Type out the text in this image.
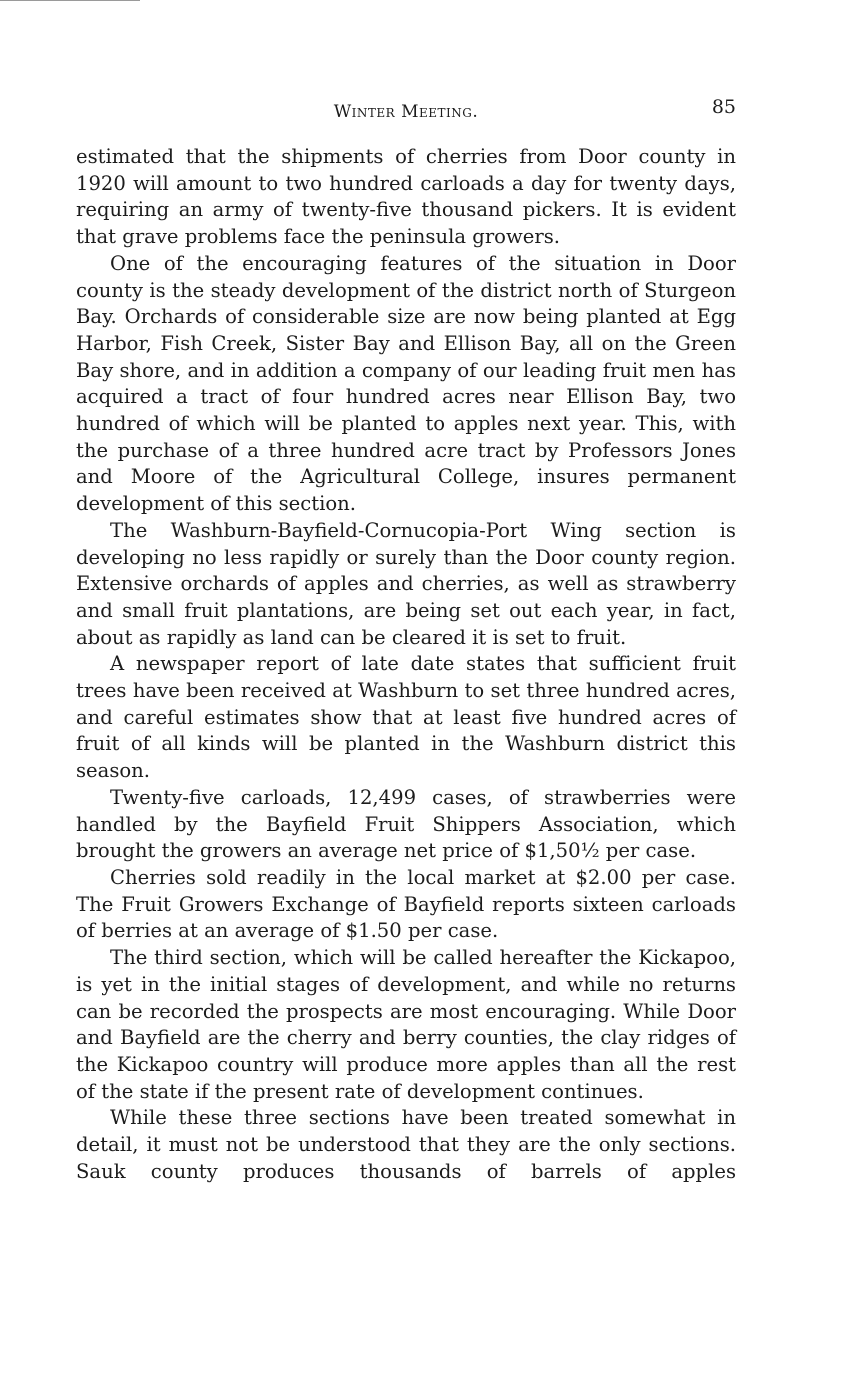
Winter Meeting.	85

estimated that the shipments of cherries from Door county in 1920 will amount to two hundred carloads a day for twenty days, requiring an army of twenty-five thousand pickers. It is evident that grave problems face the peninsula growers.

One of the encouraging features of the situation in Door county is the steady development of the district north of Sturgeon Bay. Orchards of considerable size are now being planted at Egg Harbor, Fish Creek, Sister Bay and Ellison Bay, all on the Green Bay shore, and in addition a company of our leading fruit men has acquired a tract of four hundred acres near Ellison Bay, two hundred of which will be planted to apples next year. This, with the purchase of a three hundred acre tract by Professors Jones and Moore of the Agricultural College, insures permanent development of this section.

The Washburn-Bayfield-Cornucopia-Port Wing section is developing no less rapidly or surely than the Door county region. Extensive orchards of apples and cherries, as well as strawberry and small fruit plantations, are being set out each year, in fact, about as rapidly as land can be cleared it is set to fruit.

A newspaper report of late date states that sufficient fruit trees have been received at Washburn to set three hundred acres, and careful estimates show that at least five hundred acres of fruit of all kinds will be planted in the Washburn district this season.

Twenty-five carloads, 12,499 cases, of strawberries were handled by the Bayfield Fruit Shippers Association, which brought the growers an average net price of $1,50½ per case.

Cherries sold readily in the local market at $2.00 per case. The Fruit Growers Exchange of Bayfield reports sixteen carloads of berries at an average of $1.50 per case.

The third section, which will be called hereafter the Kickapoo, is yet in the initial stages of development, and while no returns can be recorded the prospects are most encouraging. While Door and Bayfield are the cherry and berry counties, the clay ridges of the Kickapoo country will produce more apples than all the rest of the state if the present rate of development continues.

While these three sections have been treated somewhat in detail, it must not be understood that they are the only sections. Sauk county produces thousands of barrels of apples
